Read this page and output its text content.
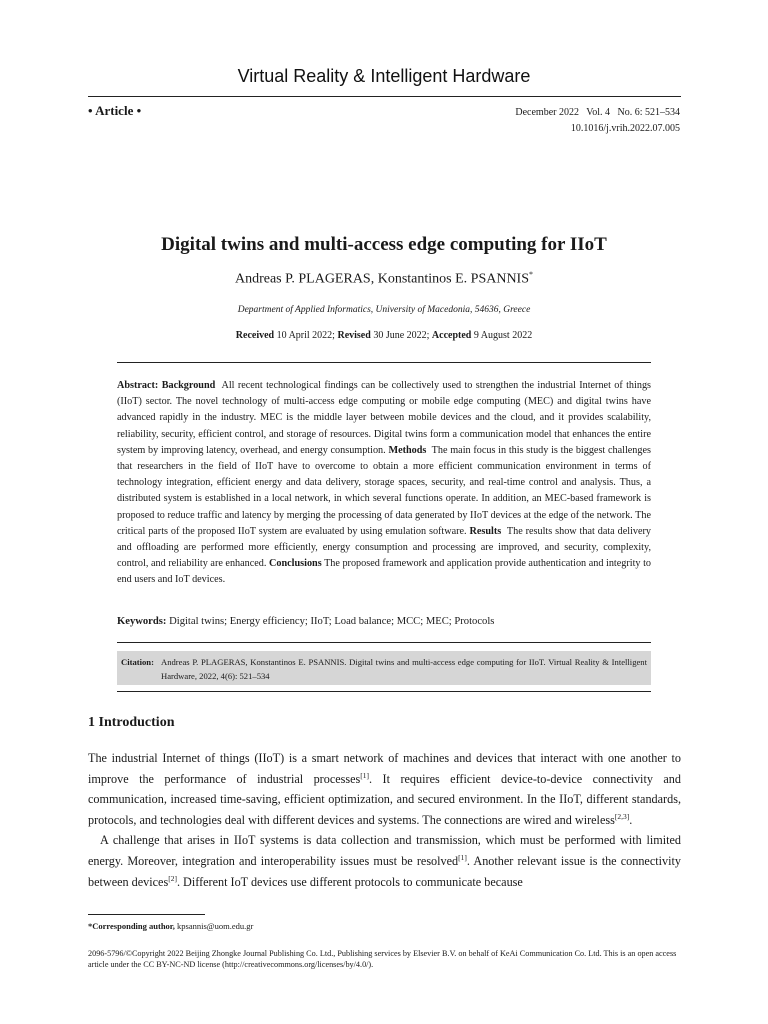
Virtual Reality & Intelligent Hardware
• Article •	December 2022   Vol. 4   No. 6: 521–534
10.1016/j.vrih.2022.07.005
Digital twins and multi-access edge computing for IIoT
Andreas P. PLAGERAS, Konstantinos E. PSANNIS*
Department of Applied Informatics, University of Macedonia, 54636, Greece
Received 10 April 2022; Revised 30 June 2022; Accepted 9 August 2022
Abstract: Background All recent technological findings can be collectively used to strengthen the industrial Internet of things (IIoT) sector. The novel technology of multi-access edge computing or mobile edge computing (MEC) and digital twins have advanced rapidly in the industry. MEC is the middle layer between mobile devices and the cloud, and it provides scalability, reliability, security, efficient control, and storage of resources. Digital twins form a communication model that enhances the entire system by improving latency, overhead, and energy consumption. Methods The main focus in this study is the biggest challenges that researchers in the field of IIoT have to overcome to obtain a more efficient communication environment in terms of technology integration, efficient energy and data delivery, storage spaces, security, and real-time control and analysis. Thus, a distributed system is established in a local network, in which several functions operate. In addition, an MEC-based framework is proposed to reduce traffic and latency by merging the processing of data generated by IIoT devices at the edge of the network. The critical parts of the proposed IIoT system are evaluated by using emulation software. Results The results show that data delivery and offloading are performed more efficiently, energy consumption and processing are improved, and security, complexity, control, and reliability are enhanced. Conclusions The proposed framework and application provide authentication and integrity to end users and IoT devices.
Keywords: Digital twins; Energy efficiency; IIoT; Load balance; MCC; MEC; Protocols
Citation: Andreas P. PLAGERAS, Konstantinos E. PSANNIS. Digital twins and multi-access edge computing for IIoT. Virtual Reality & Intelligent Hardware, 2022, 4(6): 521–534
1 Introduction

The industrial Internet of things (IIoT) is a smart network of machines and devices that interact with one another to improve the performance of industrial processes[1]. It requires efficient device-to-device connectivity and communication, increased time-saving, efficient optimization, and secured environment. In the IIoT, different standards, protocols, and technologies deal with different devices and systems. The connections are wired and wireless[2,3].

A challenge that arises in IIoT systems is data collection and transmission, which must be performed with limited energy. Moreover, integration and interoperability issues must be resolved[1]. Another relevant issue is the connectivity between devices[2]. Different IoT devices use different protocols to communicate because

*Corresponding author, kpsannis@uom.edu.gr
2096-5796/©Copyright 2022 Beijing Zhongke Journal Publishing Co. Ltd., Publishing services by Elsevier B.V. on behalf of KeAi Communication Co. Ltd. This is an open access article under the CC BY-NC-ND license (http://creativecommons.org/licenses/by/4.0/).
